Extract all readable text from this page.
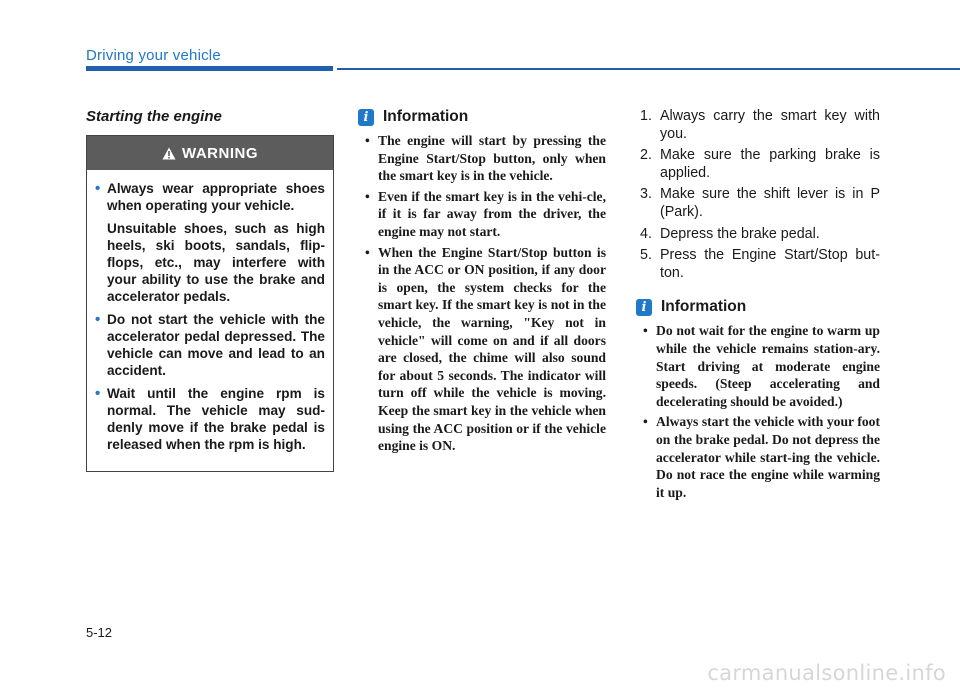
Driving your vehicle
Starting the engine
WARNING

• Always wear appropriate shoes when operating your vehicle.

Unsuitable shoes, such as high heels, ski boots, sandals, flip-flops, etc., may interfere with your ability to use the brake and accelerator pedals.

• Do not start the vehicle with the accelerator pedal depressed. The vehicle can move and lead to an accident.

• Wait until the engine rpm is normal. The vehicle may sud-denly move if the brake pedal is released when the rpm is high.

i Information
• The engine will start by pressing the Engine Start/Stop button, only when the smart key is in the vehicle.
• Even if the smart key is in the vehi-cle, if it is far away from the driver, the engine may not start.
• When the Engine Start/Stop button is in the ACC or ON position, if any door is open, the system checks for the smart key. If the smart key is not in the vehicle, the warning, "Key not in vehicle" will come on and if all doors are closed, the chime will also sound for about 5 seconds. The indicator will turn off while the vehicle is moving. Keep the smart key in the vehicle when using the ACC position or if the vehicle engine is ON.
1. Always carry the smart key with you.
2. Make sure the parking brake is applied.
3. Make sure the shift lever is in P (Park).
4. Depress the brake pedal.
5. Press the Engine Start/Stop but-ton.
i Information
• Do not wait for the engine to warm up while the vehicle remains station-ary. Start driving at moderate engine speeds. (Steep accelerating and decelerating should be avoided.)
• Always start the vehicle with your foot on the brake pedal. Do not depress the accelerator while start-ing the vehicle. Do not race the engine while warming it up.
5-12
carmanualsonline.info
